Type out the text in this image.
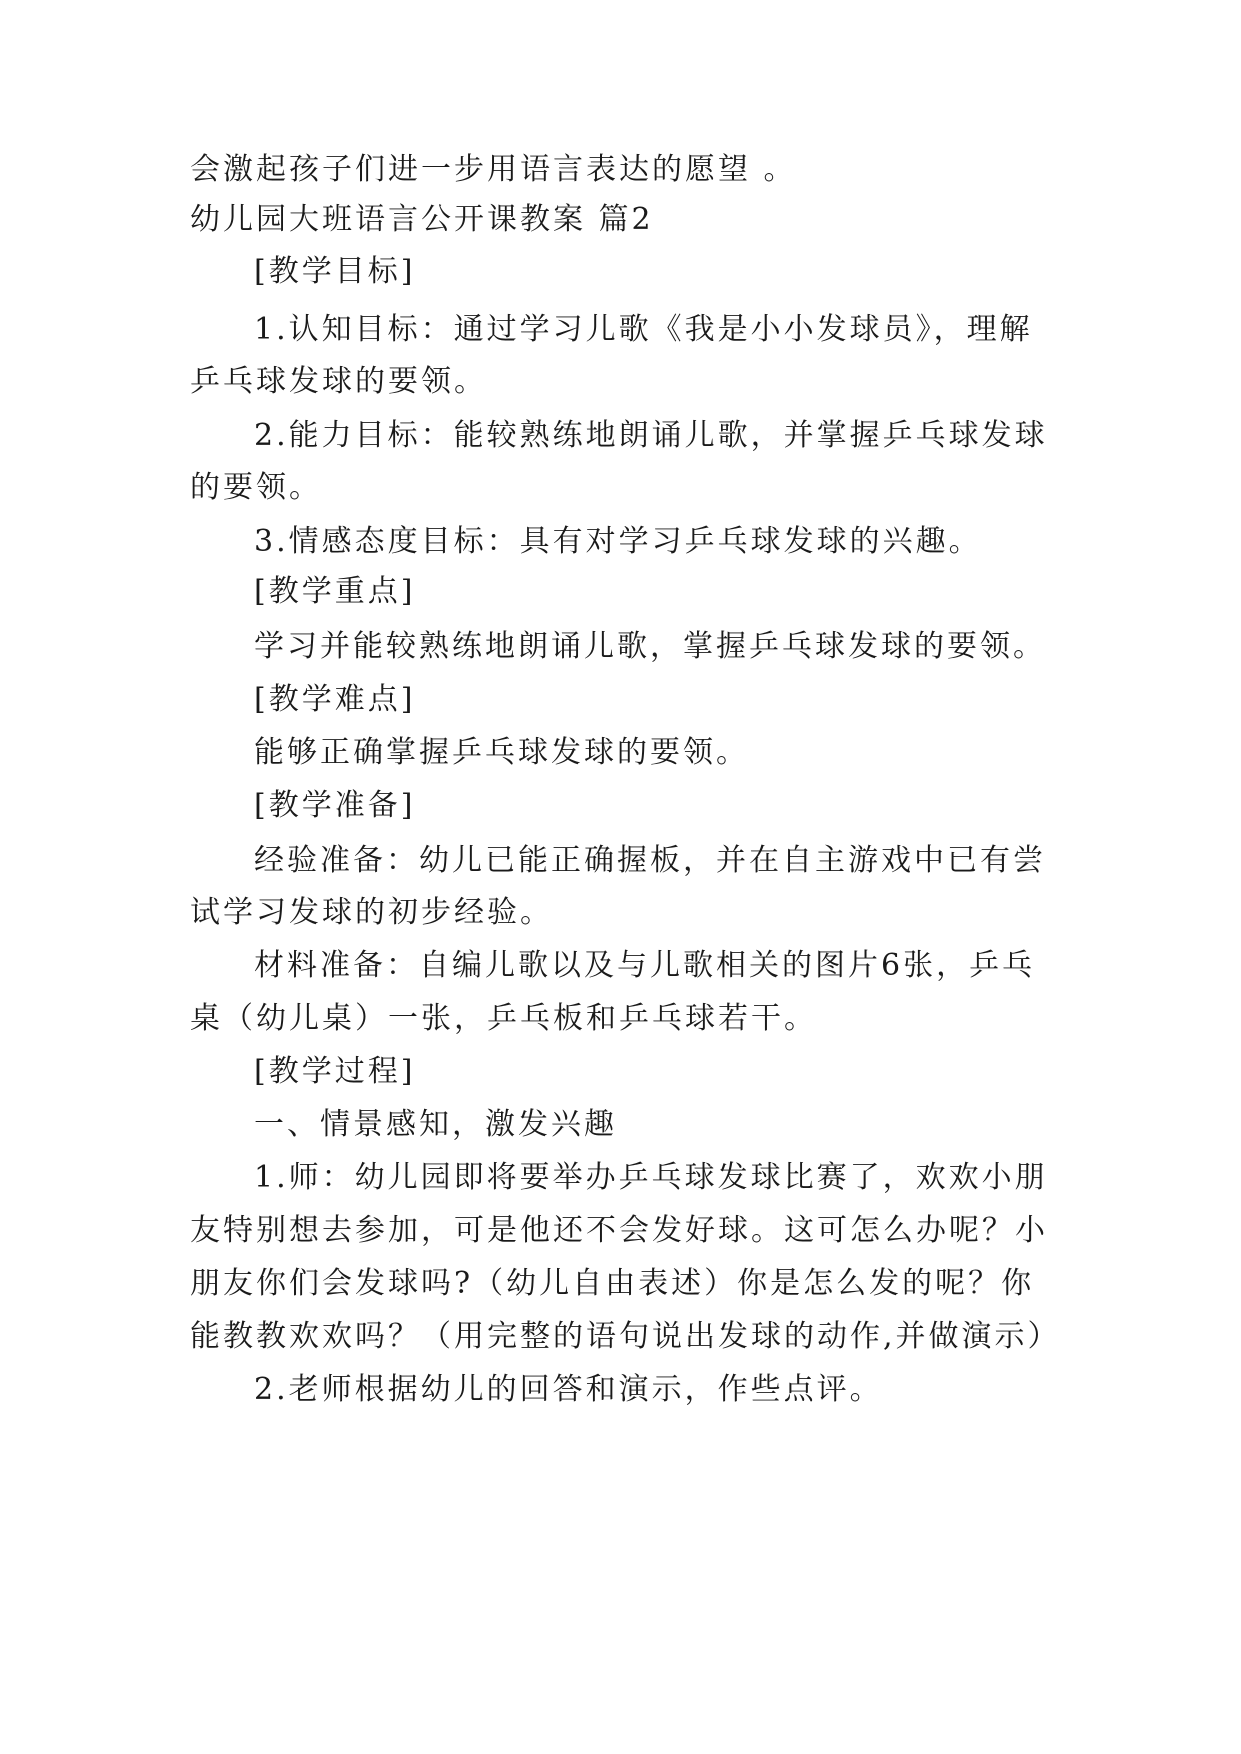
会激起孩子们进一步用语言表达的愿望 。
幼儿园大班语言公开课教案 篇2
[教学目标]
1.认知目标：通过学习儿歌《我是小小发球员》，理解
乒乓球发球的要领。
2.能力目标：能较熟练地朗诵儿歌，并掌握乒乓球发球
的要领。
3.情感态度目标：具有对学习乒乓球发球的兴趣。
[教学重点]
学习并能较熟练地朗诵儿歌，掌握乒乓球发球的要领。
[教学难点]
能够正确掌握乒乓球发球的要领。
[教学准备]
经验准备：幼儿已能正确握板，并在自主游戏中已有尝
试学习发球的初步经验。
材料准备：自编儿歌以及与儿歌相关的图片6张，乒乓
桌（幼儿桌）一张，乒乓板和乒乓球若干。
[教学过程]
一、情景感知，激发兴趣
1.师：幼儿园即将要举办乒乓球发球比赛了，欢欢小朋
友特别想去参加，可是他还不会发好球。这可怎么办呢？小
朋友你们会发球吗?（幼儿自由表述）你是怎么发的呢？你
能教教欢欢吗？（用完整的语句说出发球的动作,并做演示）
2.老师根据幼儿的回答和演示，作些点评。
